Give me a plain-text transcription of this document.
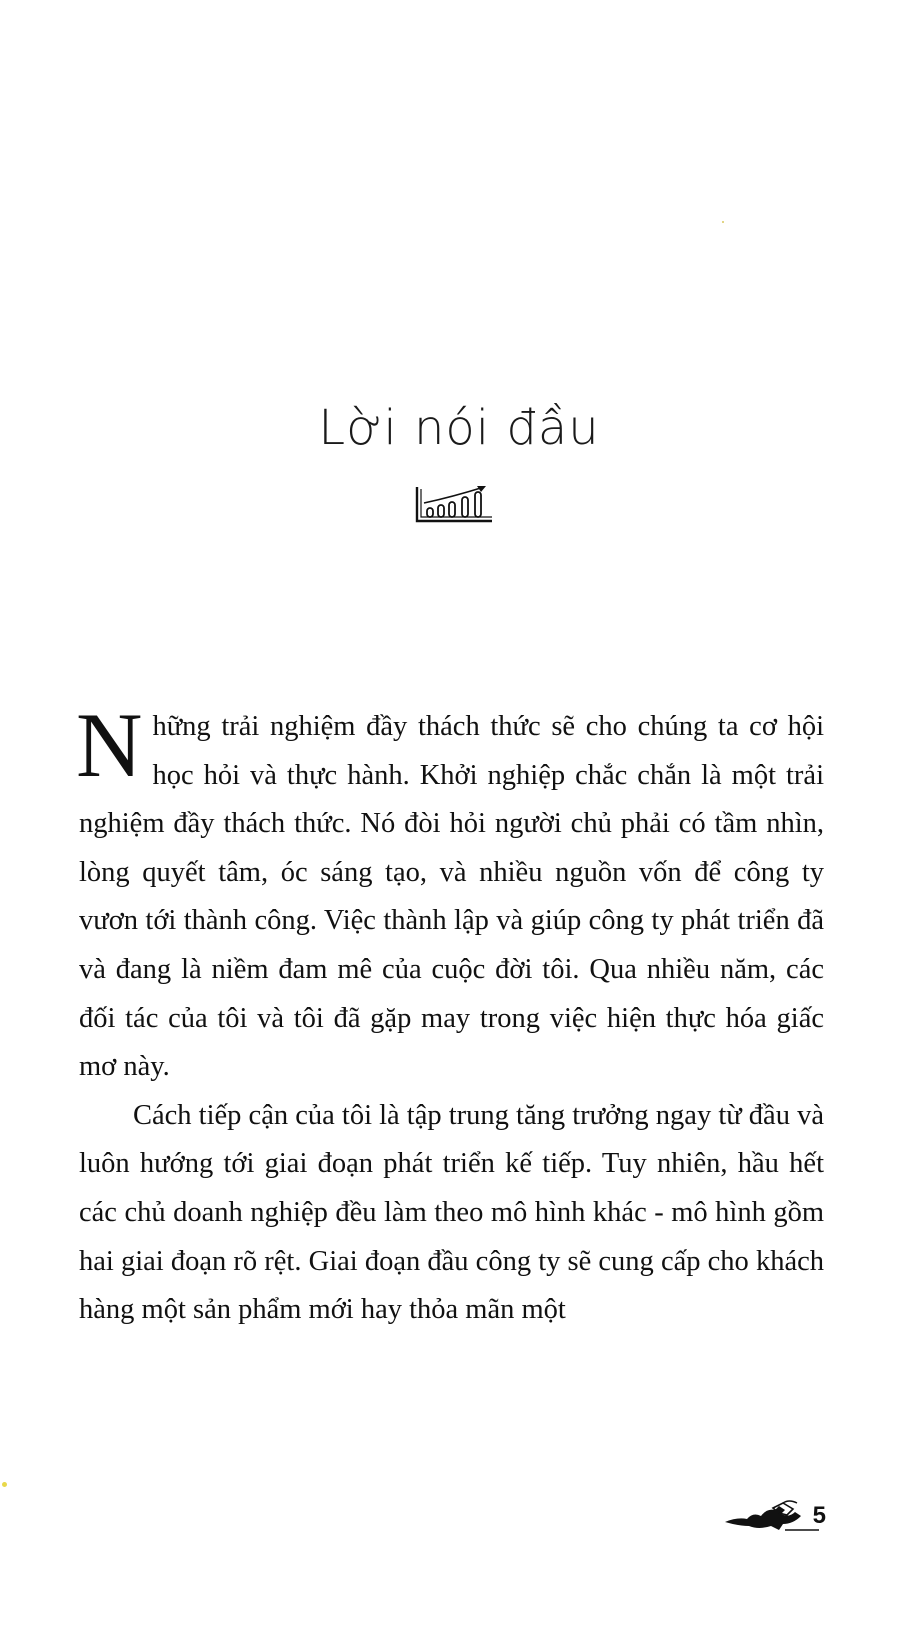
Lời nói đầu

Những trải nghiệm đầy thách thức sẽ cho chúng ta cơ hội học hỏi và thực hành. Khởi nghiệp chắc chắn là một trải nghiệm đầy thách thức. Nó đòi hỏi người chủ phải có tầm nhìn, lòng quyết tâm, óc sáng tạo, và nhiều nguồn vốn để công ty vươn tới thành công. Việc thành lập và giúp công ty phát triển đã và đang là niềm đam mê của cuộc đời tôi. Qua nhiều năm, các đối tác của tôi và tôi đã gặp may trong việc hiện thực hóa giấc mơ này.

Cách tiếp cận của tôi là tập trung tăng trưởng ngay từ đầu và luôn hướng tới giai đoạn phát triển kế tiếp. Tuy nhiên, hầu hết các chủ doanh nghiệp đều làm theo mô hình khác - mô hình gồm hai giai đoạn rõ rệt. Giai đoạn đầu công ty sẽ cung cấp cho khách hàng một sản phẩm mới hay thỏa mãn một

5
